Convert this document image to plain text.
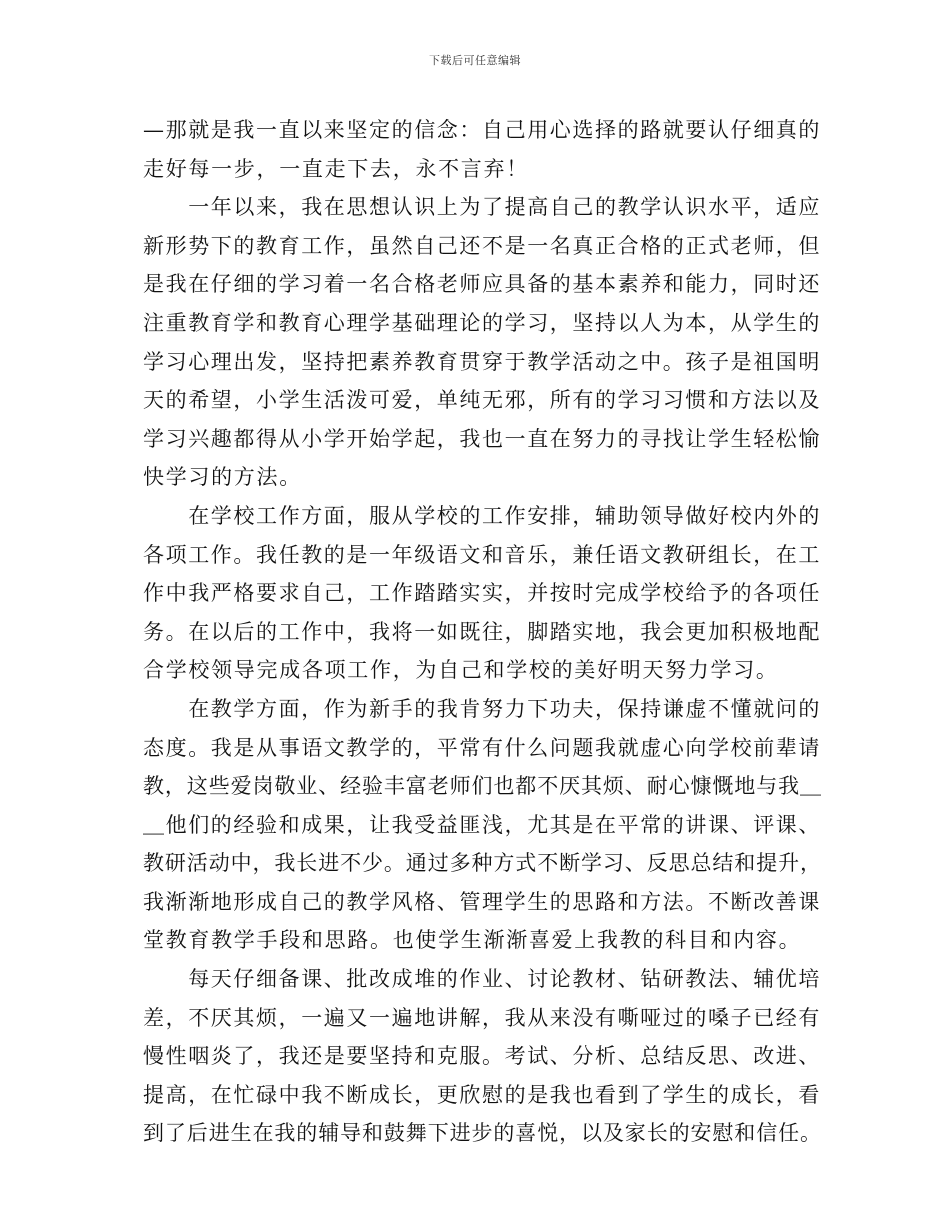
下载后可任意编辑
—那就是我一直以来坚定的信念：自己用心选择的路就要认仔细真的
走好每一步，一直走下去，永不言弃！
　　一年以来，我在思想认识上为了提高自己的教学认识水平，适应
新形势下的教育工作，虽然自己还不是一名真正合格的正式老师，但
是我在仔细的学习着一名合格老师应具备的基本素养和能力，同时还
注重教育学和教育心理学基础理论的学习，坚持以人为本，从学生的
学习心理出发，坚持把素养教育贯穿于教学活动之中。孩子是祖国明
天的希望，小学生活泼可爱，单纯无邪，所有的学习习惯和方法以及
学习兴趣都得从小学开始学起，我也一直在努力的寻找让学生轻松愉
快学习的方法。
　　在学校工作方面，服从学校的工作安排，辅助领导做好校内外的
各项工作。我任教的是一年级语文和音乐，兼任语文教研组长，在工
作中我严格要求自己，工作踏踏实实，并按时完成学校给予的各项任
务。在以后的工作中，我将一如既往，脚踏实地，我会更加积极地配
合学校领导完成各项工作，为自己和学校的美好明天努力学习。
　　在教学方面，作为新手的我肯努力下功夫，保持谦虚不懂就问的
态度。我是从事语文教学的，平常有什么问题我就虚心向学校前辈请
教，这些爱岗敬业、经验丰富老师们也都不厌其烦、耐心慷慨地与我＿
＿他们的经验和成果，让我受益匪浅，尤其是在平常的讲课、评课、
教研活动中，我长进不少。通过多种方式不断学习、反思总结和提升，
我渐渐地形成自己的教学风格、管理学生的思路和方法。不断改善课
堂教育教学手段和思路。也使学生渐渐喜爱上我教的科目和内容。
　　每天仔细备课、批改成堆的作业、讨论教材、钻研教法、辅优培
差，不厌其烦，一遍又一遍地讲解，我从来没有嘶哑过的嗓子已经有
慢性咽炎了，我还是要坚持和克服。考试、分析、总结反思、改进、
提高，在忙碌中我不断成长，更欣慰的是我也看到了学生的成长，看
到了后进生在我的辅导和鼓舞下进步的喜悦，以及家长的安慰和信任。
